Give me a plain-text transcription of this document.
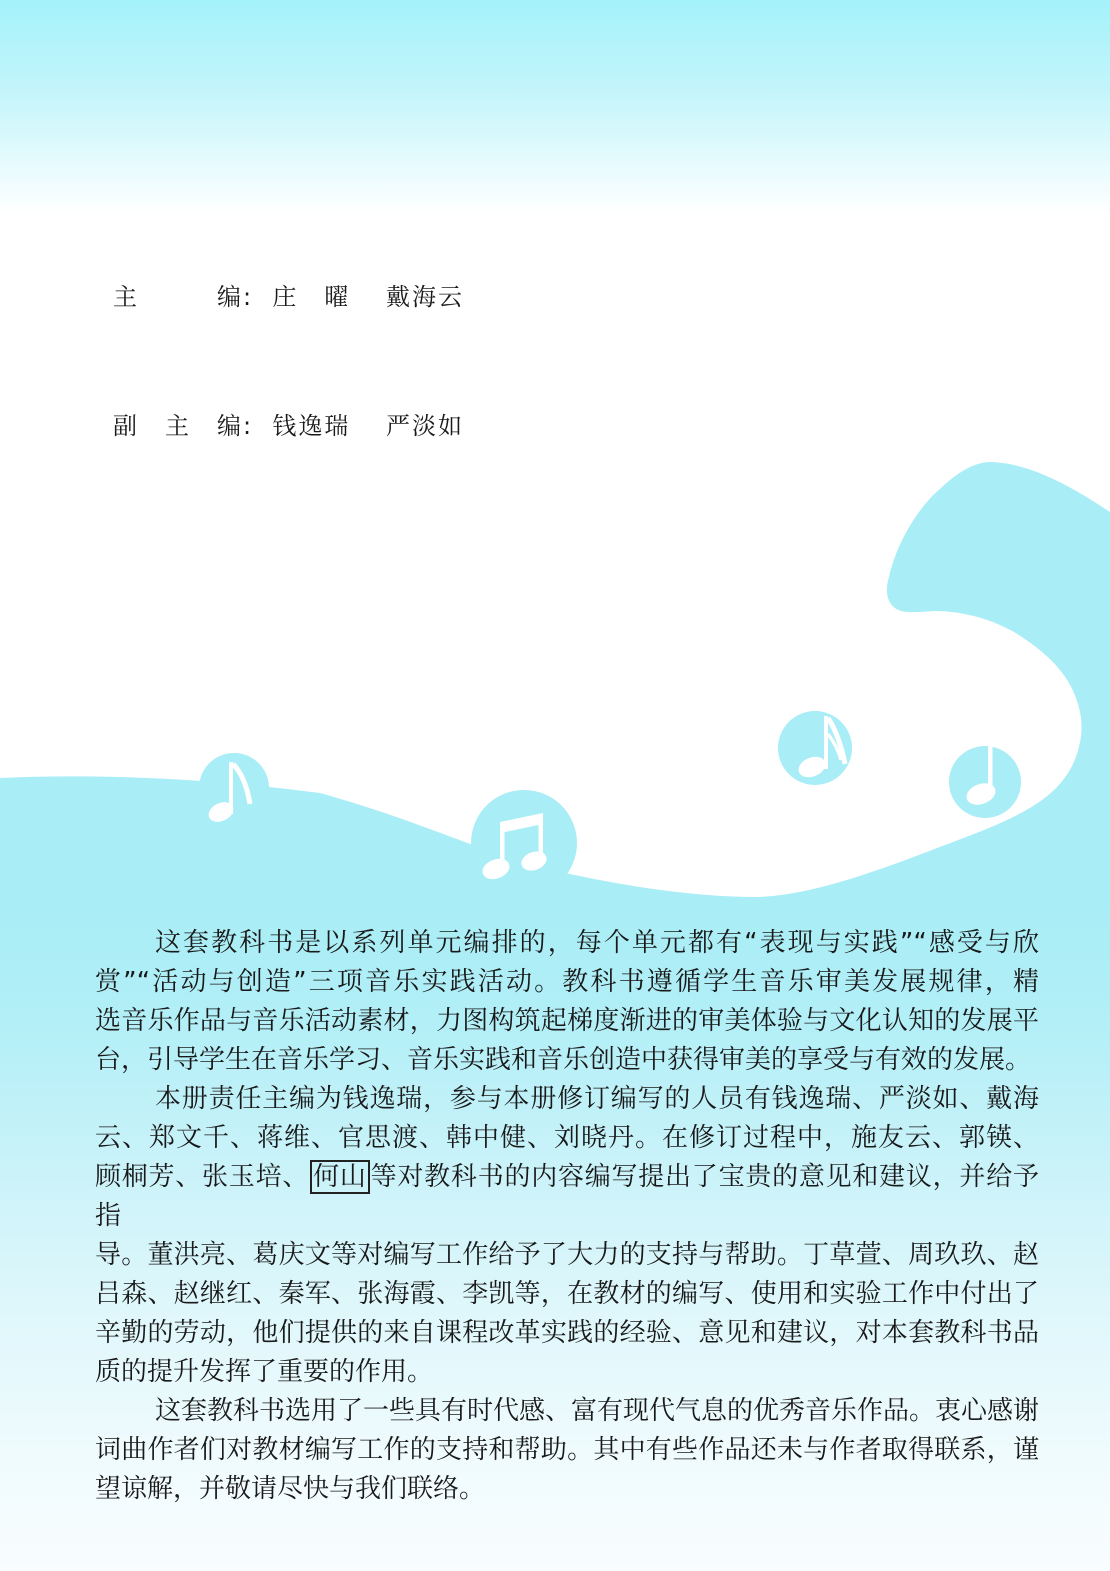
主　　　编:  庄　曜　 戴海云

副　主　编:  钱逸瑞　 严淡如

这套教科书是以系列单元编排的，每个单元都有“表现与实践”“感受与欣
赏”“活动与创造”三项音乐实践活动。教科书遵循学生音乐审美发展规律，精
选音乐作品与音乐活动素材，力图构筑起梯度渐进的审美体验与文化认知的发展平
台，引导学生在音乐学习、音乐实践和音乐创造中获得审美的享受与有效的发展。
本册责任主编为钱逸瑞，参与本册修订编写的人员有钱逸瑞、严淡如、戴海
云、郑文千、蒋维、官思渡、韩中健、刘晓丹。在修订过程中，施友云、郭锳、
顾桐芳、张玉培、 何山 等对教科书的内容编写提出了宝贵的意见和建议，并给予指
导。董洪亮、葛庆文等对编写工作给予了大力的支持与帮助。丁草萱、周玖玖、赵
吕森、赵继红、秦军、张海霞、李凯等，在教材的编写、使用和实验工作中付出了
辛勤的劳动，他们提供的来自课程改革实践的经验、意见和建议，对本套教科书品
质的提升发挥了重要的作用。
这套教科书选用了一些具有时代感、富有现代气息的优秀音乐作品。衷心感谢
词曲作者们对教材编写工作的支持和帮助。其中有些作品还未与作者取得联系，谨
望谅解，并敬请尽快与我们联络。
